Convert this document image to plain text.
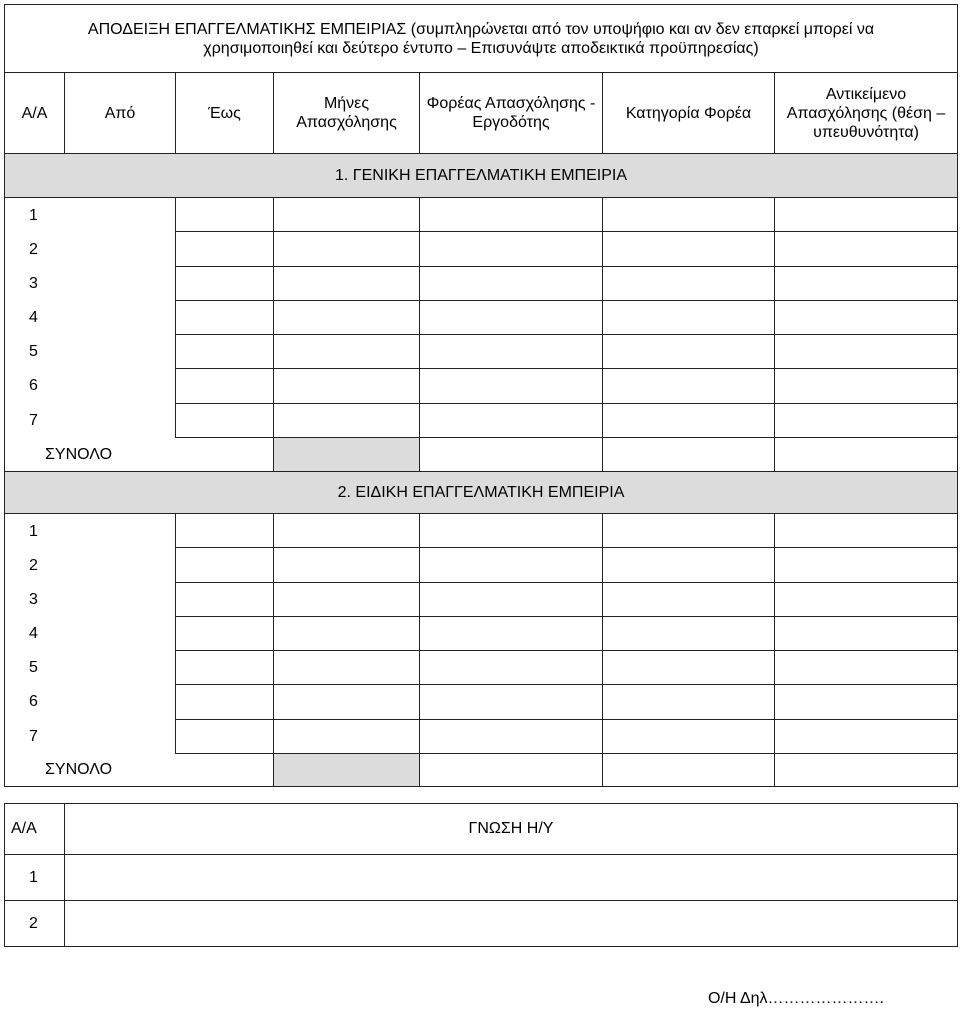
ΑΠΟΔΕΙΞΗ ΕΠΑΓΓΕΛΜΑΤΙΚΗΣ ΕΜΠΕΙΡΙΑΣ (συμπληρώνεται από τον υποψήφιο και αν δεν επαρκεί μπορεί να
χρησιμοποιηθεί και δεύτερο έντυπο – Επισυνάψτε αποδεικτικά προϋπηρεσίας)						

Α/Α	Από	Έως	Μήνες Απασχόλησης	Φορέας Απασχόλησης - Εργοδότης	Κατηγορία Φορέα	Αντικείμενο Απασχόλησης (θέση – υπευθυνότητα)
1. ΓΕΝΙΚΗ ΕΠΑΓΓΕΛΜΑΤΙΚΗ ΕΜΠΕΙΡΙΑ						
1						
2						
3						
4						
5						
6						
7						
ΣΥΝΟΛΟ						
2. ΕΙΔΙΚΗ ΕΠΑΓΓΕΛΜΑΤΙΚΗ ΕΜΠΕΙΡΙΑ						
1						
2						
3						
4						
5						
6						
7						
ΣΥΝΟΛΟ						
Α/Α	ΓΝΩΣΗ Η/Υ
1	
2	
Ο/Η Δηλ………………….
